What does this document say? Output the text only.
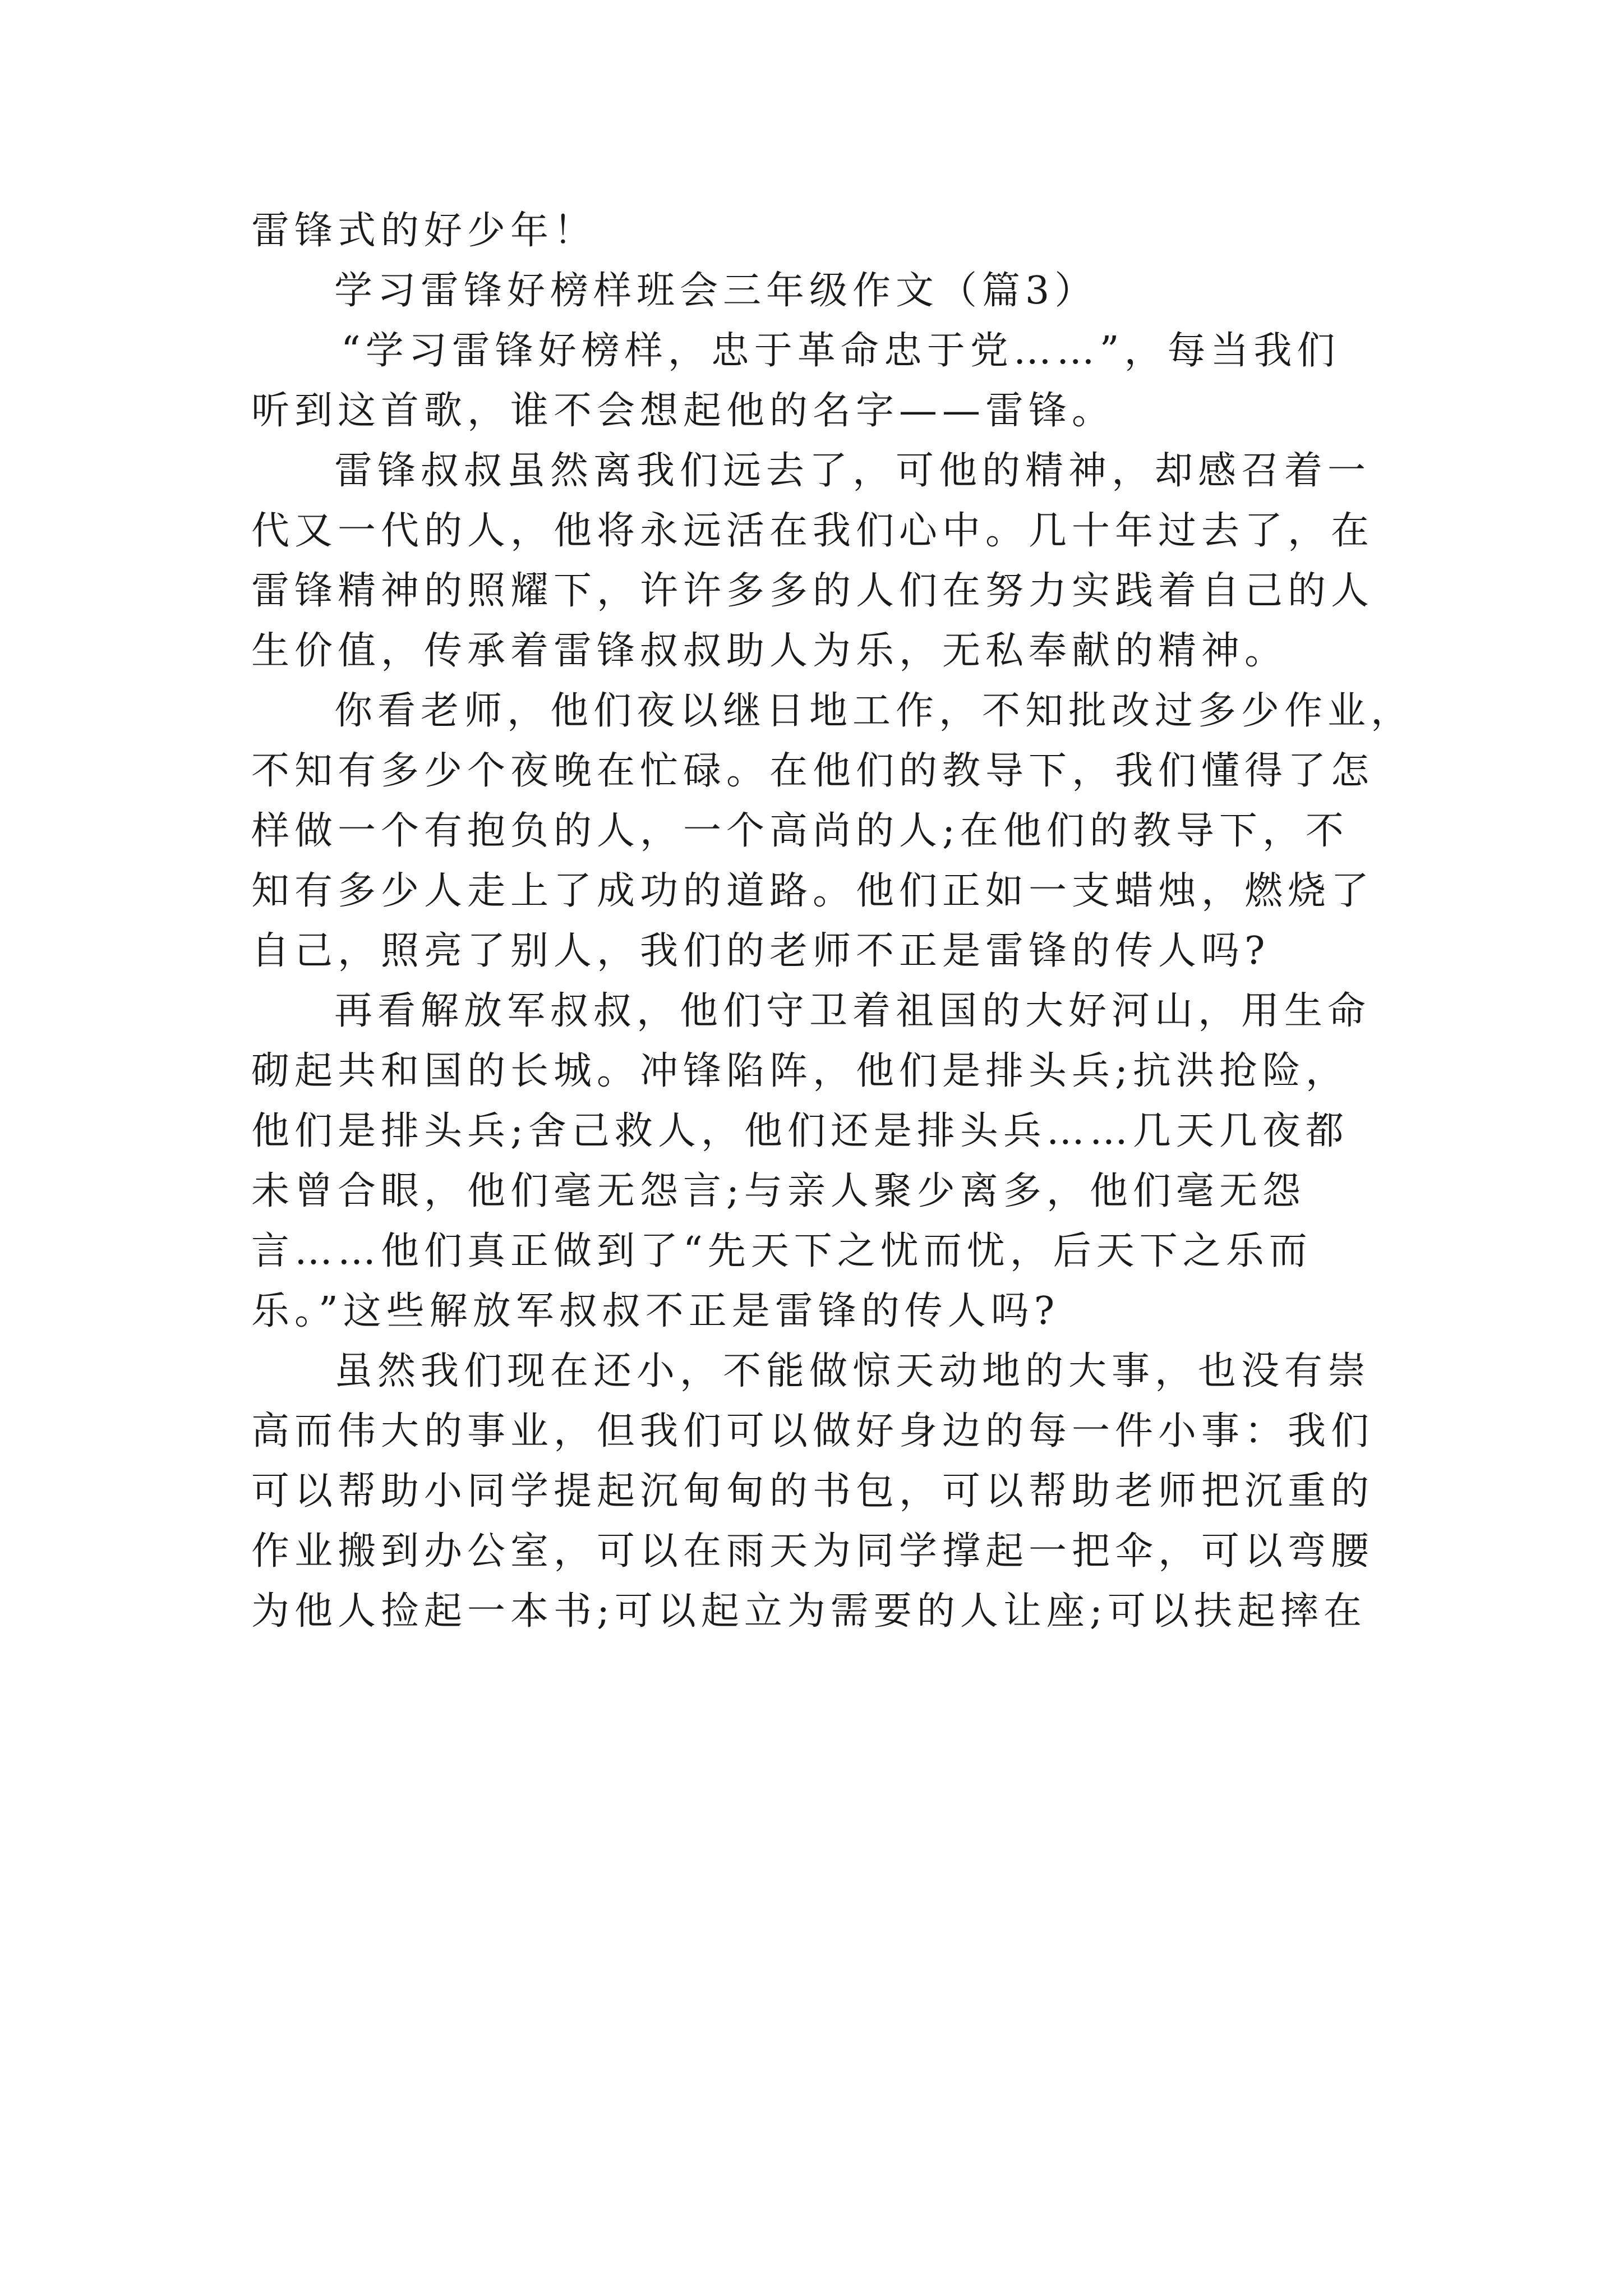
雷锋式的好少年！
学习雷锋好榜样班会三年级作文（篇3）
“学习雷锋好榜样，忠于革命忠于党……”，每当我们
听到这首歌，谁不会想起他的名字——雷锋。
雷锋叔叔虽然离我们远去了，可他的精神，却感召着一
代又一代的人，他将永远活在我们心中。几十年过去了，在
雷锋精神的照耀下，许许多多的人们在努力实践着自己的人
生价值，传承着雷锋叔叔助人为乐，无私奉献的精神。
你看老师，他们夜以继日地工作，不知批改过多少作业，
不知有多少个夜晚在忙碌。在他们的教导下，我们懂得了怎
样做一个有抱负的人，一个高尚的人;在他们的教导下，不
知有多少人走上了成功的道路。他们正如一支蜡烛，燃烧了
自己，照亮了别人，我们的老师不正是雷锋的传人吗?
再看解放军叔叔，他们守卫着祖国的大好河山，用生命
砌起共和国的长城。冲锋陷阵，他们是排头兵;抗洪抢险，
他们是排头兵;舍己救人，他们还是排头兵……几天几夜都
未曾合眼，他们毫无怨言;与亲人聚少离多，他们毫无怨
言……他们真正做到了“先天下之忧而忧，后天下之乐而
乐。”这些解放军叔叔不正是雷锋的传人吗?
虽然我们现在还小，不能做惊天动地的大事，也没有崇
高而伟大的事业，但我们可以做好身边的每一件小事：我们
可以帮助小同学提起沉甸甸的书包，可以帮助老师把沉重的
作业搬到办公室，可以在雨天为同学撑起一把伞，可以弯腰
为他人捡起一本书;可以起立为需要的人让座;可以扶起摔在
